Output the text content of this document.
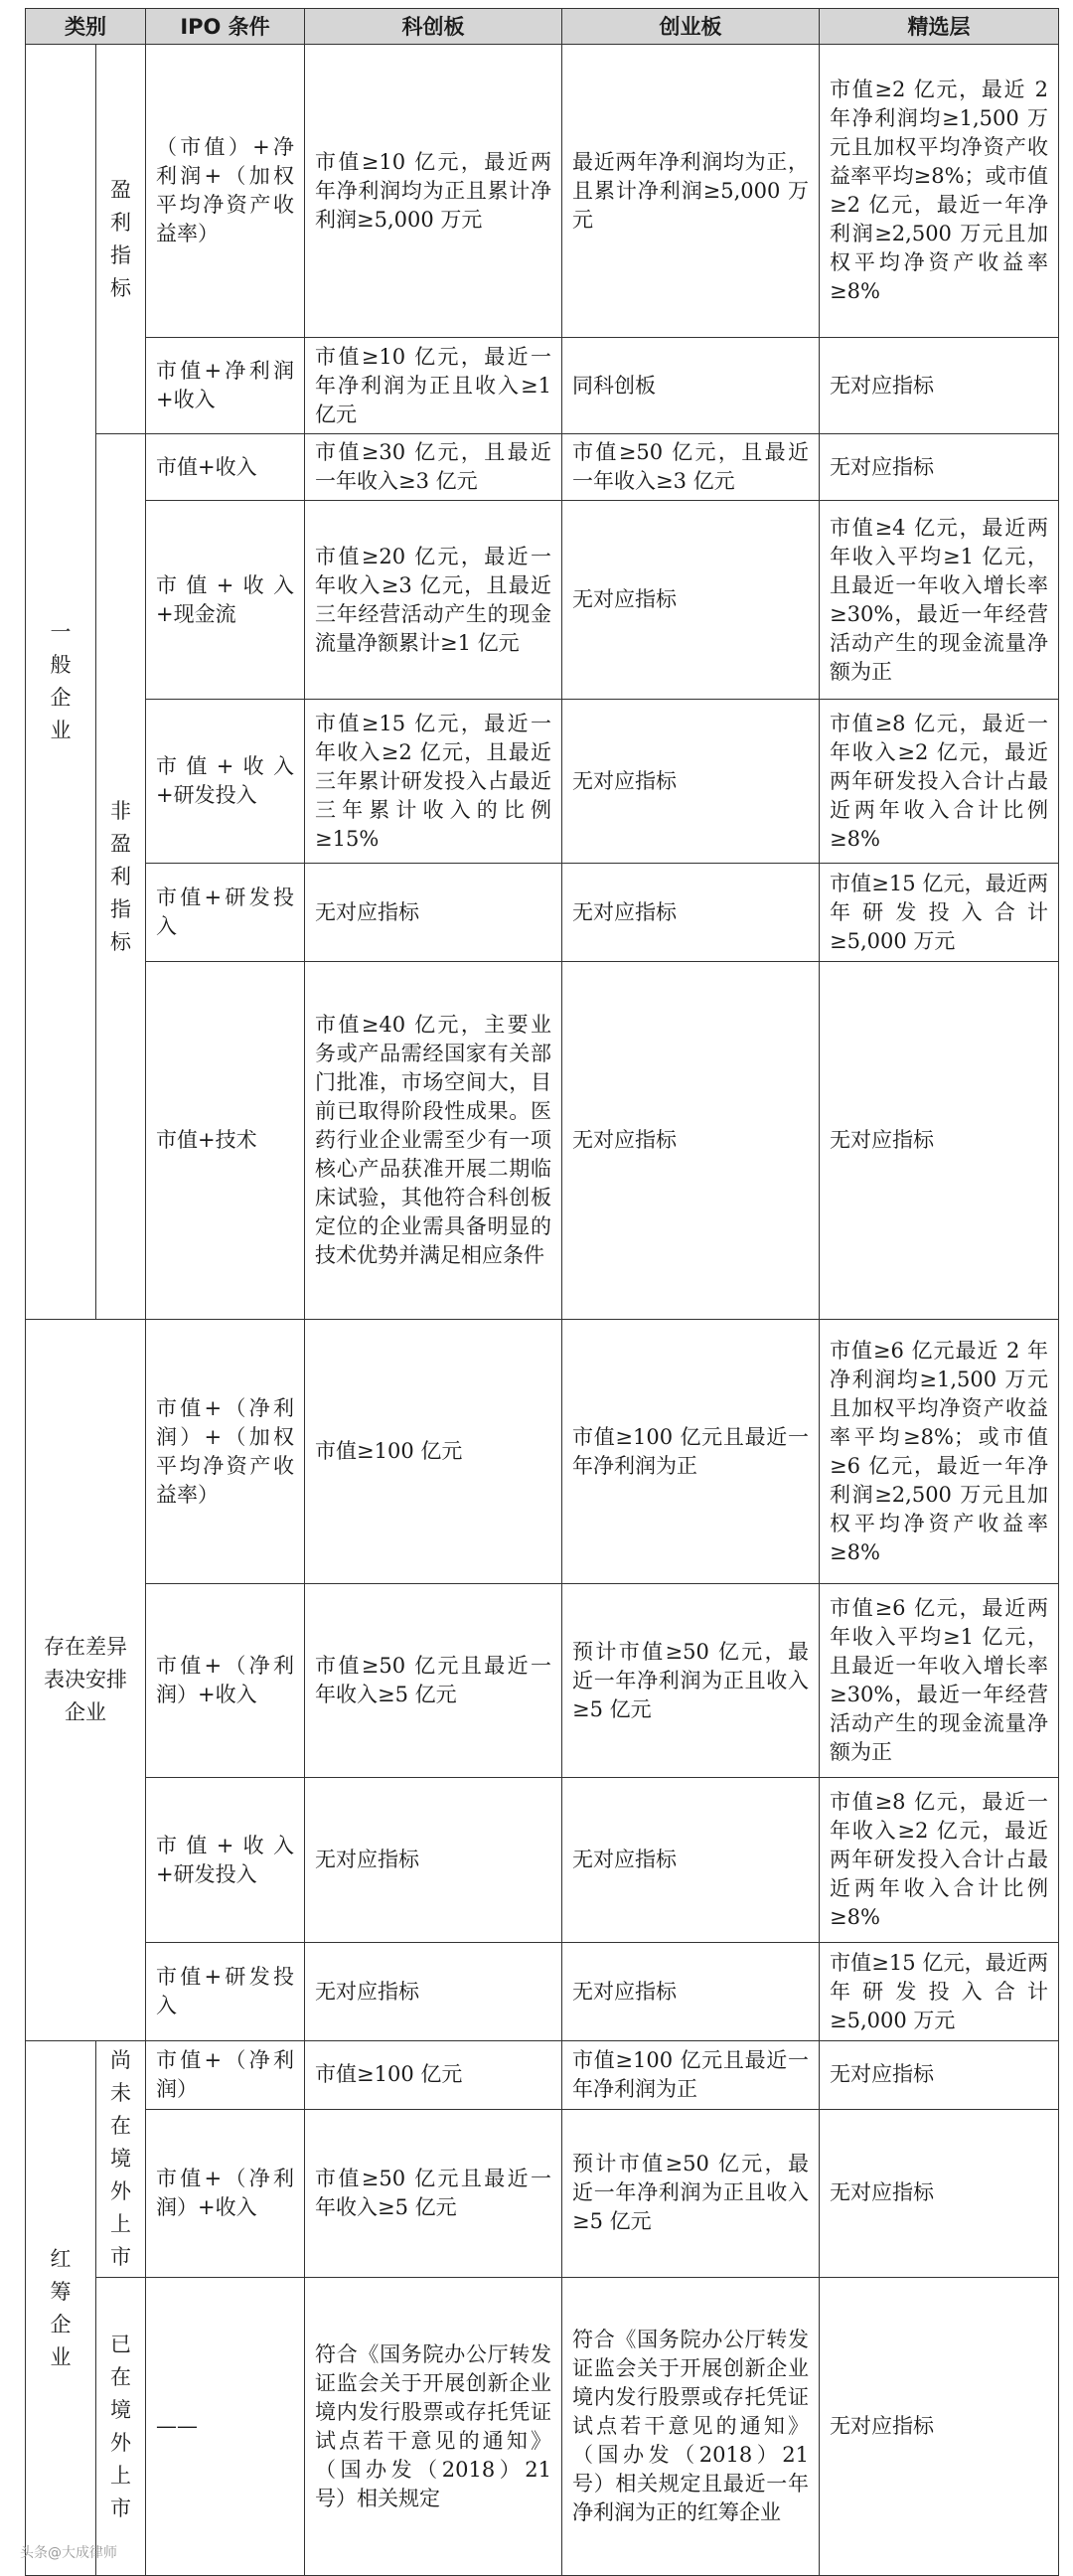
类别		IPO 条件	科创板	创业板	精选层
一般企业	盈利指标	（市值）+净利润+（加权平均净资产收益率）	市值≥10 亿元，最近两年净利润均为正且累计净利润≥5,000 万元	最近两年净利润均为正，且累计净利润≥5,000 万元	市值≥2 亿元，最近 2 年净利润均≥1,500 万元且加权平均净资产收益率平均≥8%；或市值≥2 亿元，最近一年净利润≥2,500 万元且加权平均净资产收益率≥8%
		市值+净利润+收入	市值≥10 亿元，最近一年净利润为正且收入≥1 亿元	同科创板	无对应指标
	非盈利指标	市值+收入	市值≥30 亿元，且最近一年收入≥3 亿元	市值≥50 亿元，且最近一年收入≥3 亿元	无对应指标
		市值+收入+现金流	市值≥20 亿元，最近一年收入≥3 亿元，且最近三年经营活动产生的现金流量净额累计≥1 亿元	无对应指标	市值≥4 亿元，最近两年收入平均≥1 亿元，且最近一年收入增长率≥30%，最近一年经营活动产生的现金流量净额为正
		市值+收入+研发投入	市值≥15 亿元，最近一年收入≥2 亿元，且最近三年累计研发投入占最近三年累计收入的比例≥15%	无对应指标	市值≥8 亿元，最近一年收入≥2 亿元，最近两年研发投入合计占最近两年收入合计比例≥8%
		市值+研发投入	无对应指标	无对应指标	市值≥15 亿元，最近两年研发投入合计≥5,000 万元
		市值+技术	市值≥40 亿元，主要业务或产品需经国家有关部门批准，市场空间大，目前已取得阶段性成果。医药行业企业需至少有一项核心产品获准开展二期临床试验，其他符合科创板定位的企业需具备明显的技术优势并满足相应条件	无对应指标	无对应指标

存在差异表决安排企业		市值+（净利润）+（加权平均净资产收益率）	市值≥100 亿元	市值≥100 亿元且最近一年净利润为正	市值≥6 亿元最近 2 年净利润均≥1,500 万元且加权平均净资产收益率平均≥8%；或市值≥6 亿元，最近一年净利润≥2,500 万元且加权平均净资产收益率≥8%
		市值+（净利润）+收入	市值≥50 亿元且最近一年收入≥5 亿元	预计市值≥50 亿元，最近一年净利润为正且收入≥5 亿元	市值≥6 亿元，最近两年收入平均≥1 亿元，且最近一年收入增长率≥30%，最近一年经营活动产生的现金流量净额为正
		市值+收入+研发投入	无对应指标	无对应指标	市值≥8 亿元，最近一年收入≥2 亿元，最近两年研发投入合计占最近两年收入合计比例≥8%
		市值+研发投入	无对应指标	无对应指标	市值≥15 亿元，最近两年研发投入合计≥5,000 万元
红筹企业	尚未在境外上市	市值+（净利润）	市值≥100 亿元	市值≥100 亿元且最近一年净利润为正	无对应指标
		市值+（净利润）+收入	市值≥50 亿元且最近一年收入≥5 亿元	预计市值≥50 亿元，最近一年净利润为正且收入≥5 亿元	无对应指标
	已在境外上市	——	符合《国务院办公厅转发证监会关于开展创新企业境内发行股票或存托凭证试点若干意见的通知》（国办发（2018）21 号）相关规定	符合《国务院办公厅转发证监会关于开展创新企业境内发行股票或存托凭证试点若干意见的通知》（国办发（2018）21 号）相关规定且最近一年净利润为正的红筹企业	无对应指标
头条@大成律师
